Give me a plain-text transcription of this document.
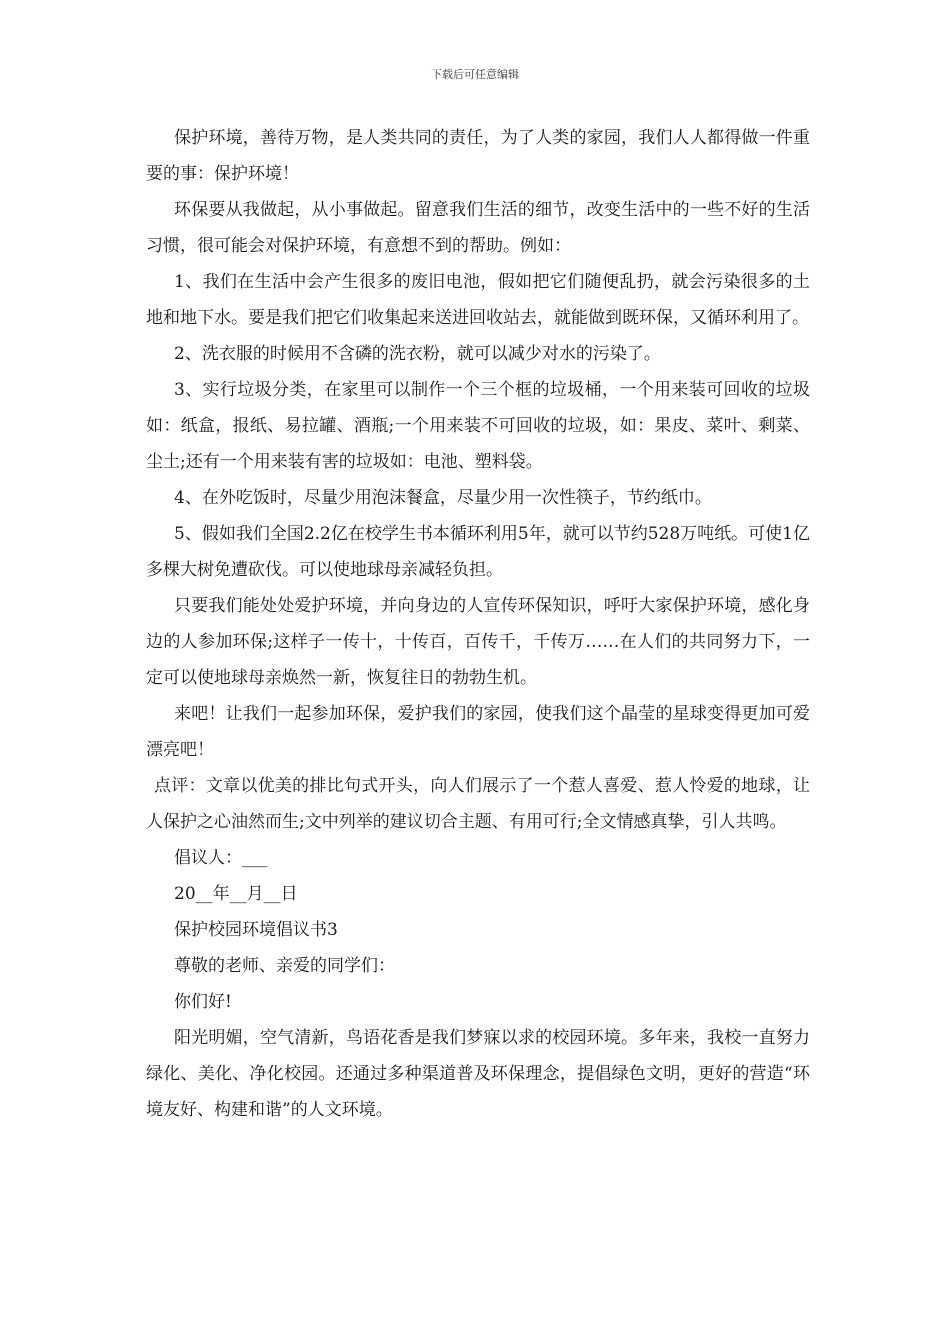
下载后可任意编辑

保护环境，善待万物，是人类共同的责任，为了人类的家园，我们人人都得做一件重要的事：保护环境！

环保要从我做起，从小事做起。留意我们生活的细节，改变生活中的一些不好的生活习惯，很可能会对保护环境，有意想不到的帮助。例如：

1、我们在生活中会产生很多的废旧电池，假如把它们随便乱扔，就会污染很多的土地和地下水。要是我们把它们收集起来送进回收站去，就能做到既环保，又循环利用了。

2、洗衣服的时候用不含磷的洗衣粉，就可以减少对水的污染了。

3、实行垃圾分类，在家里可以制作一个三个框的垃圾桶，一个用来装可回收的垃圾如：纸盒，报纸、易拉罐、酒瓶;一个用来装不可回收的垃圾，如：果皮、菜叶、剩菜、尘土;还有一个用来装有害的垃圾如：电池、塑料袋。

4、在外吃饭时，尽量少用泡沫餐盒，尽量少用一次性筷子，节约纸巾。

5、假如我们全国2.2亿在校学生书本循环利用5年，就可以节约528万吨纸。可使1亿多棵大树免遭砍伐。可以使地球母亲减轻负担。

只要我们能处处爱护环境，并向身边的人宣传环保知识，呼吁大家保护环境，感化身边的人参加环保;这样子一传十，十传百，百传千，千传万……在人们的共同努力下，一定可以使地球母亲焕然一新，恢复往日的勃勃生机。

来吧！让我们一起参加环保，爱护我们的家园，使我们这个晶莹的星球变得更加可爱漂亮吧！

点评：文章以优美的排比句式开头，向人们展示了一个惹人喜爱、惹人怜爱的地球，让人保护之心油然而生;文中列举的建议切合主题、有用可行;全文情感真挚，引人共鸣。

倡议人：___

20__年__月__日

保护校园环境倡议书3

尊敬的老师、亲爱的同学们：

你们好!

阳光明媚，空气清新，鸟语花香是我们梦寐以求的校园环境。多年来，我校一直努力绿化、美化、净化校园。还通过多种渠道普及环保理念，提倡绿色文明，更好的营造“环境友好、构建和谐”的人文环境。
